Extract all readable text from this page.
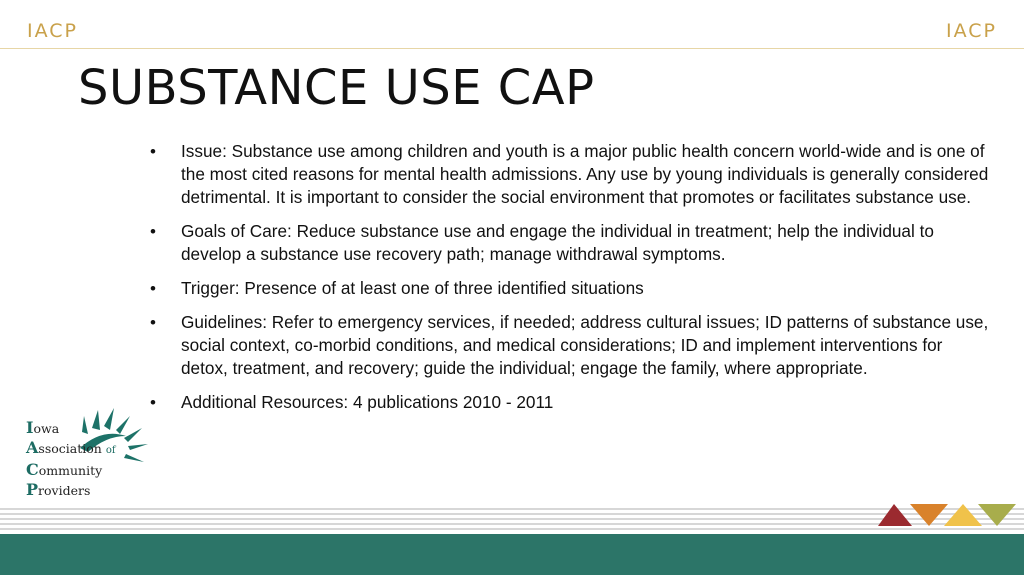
IACP	IACP
SUBSTANCE USE CAP
• Issue: Substance use among children and youth is a major public health concern world-wide and is one of the most cited reasons for mental health admissions. Any use by young individuals is generally considered detrimental. It is important to consider the social environment that promotes or facilitates substance use.
• Goals of Care: Reduce substance use and engage the individual in treatment; help the individual to develop a substance use recovery path; manage withdrawal symptoms.
• Trigger: Presence of at least one of three identified situations
• Guidelines: Refer to emergency services, if needed; address cultural issues; ID patterns of substance use, social context, co-morbid conditions, and medical considerations; ID and implement interventions for detox, treatment, and recovery; guide the individual; engage the family, where appropriate.
• Additional Resources: 4 publications 2010 - 2011
Iowa
Association of
Community
Providers
